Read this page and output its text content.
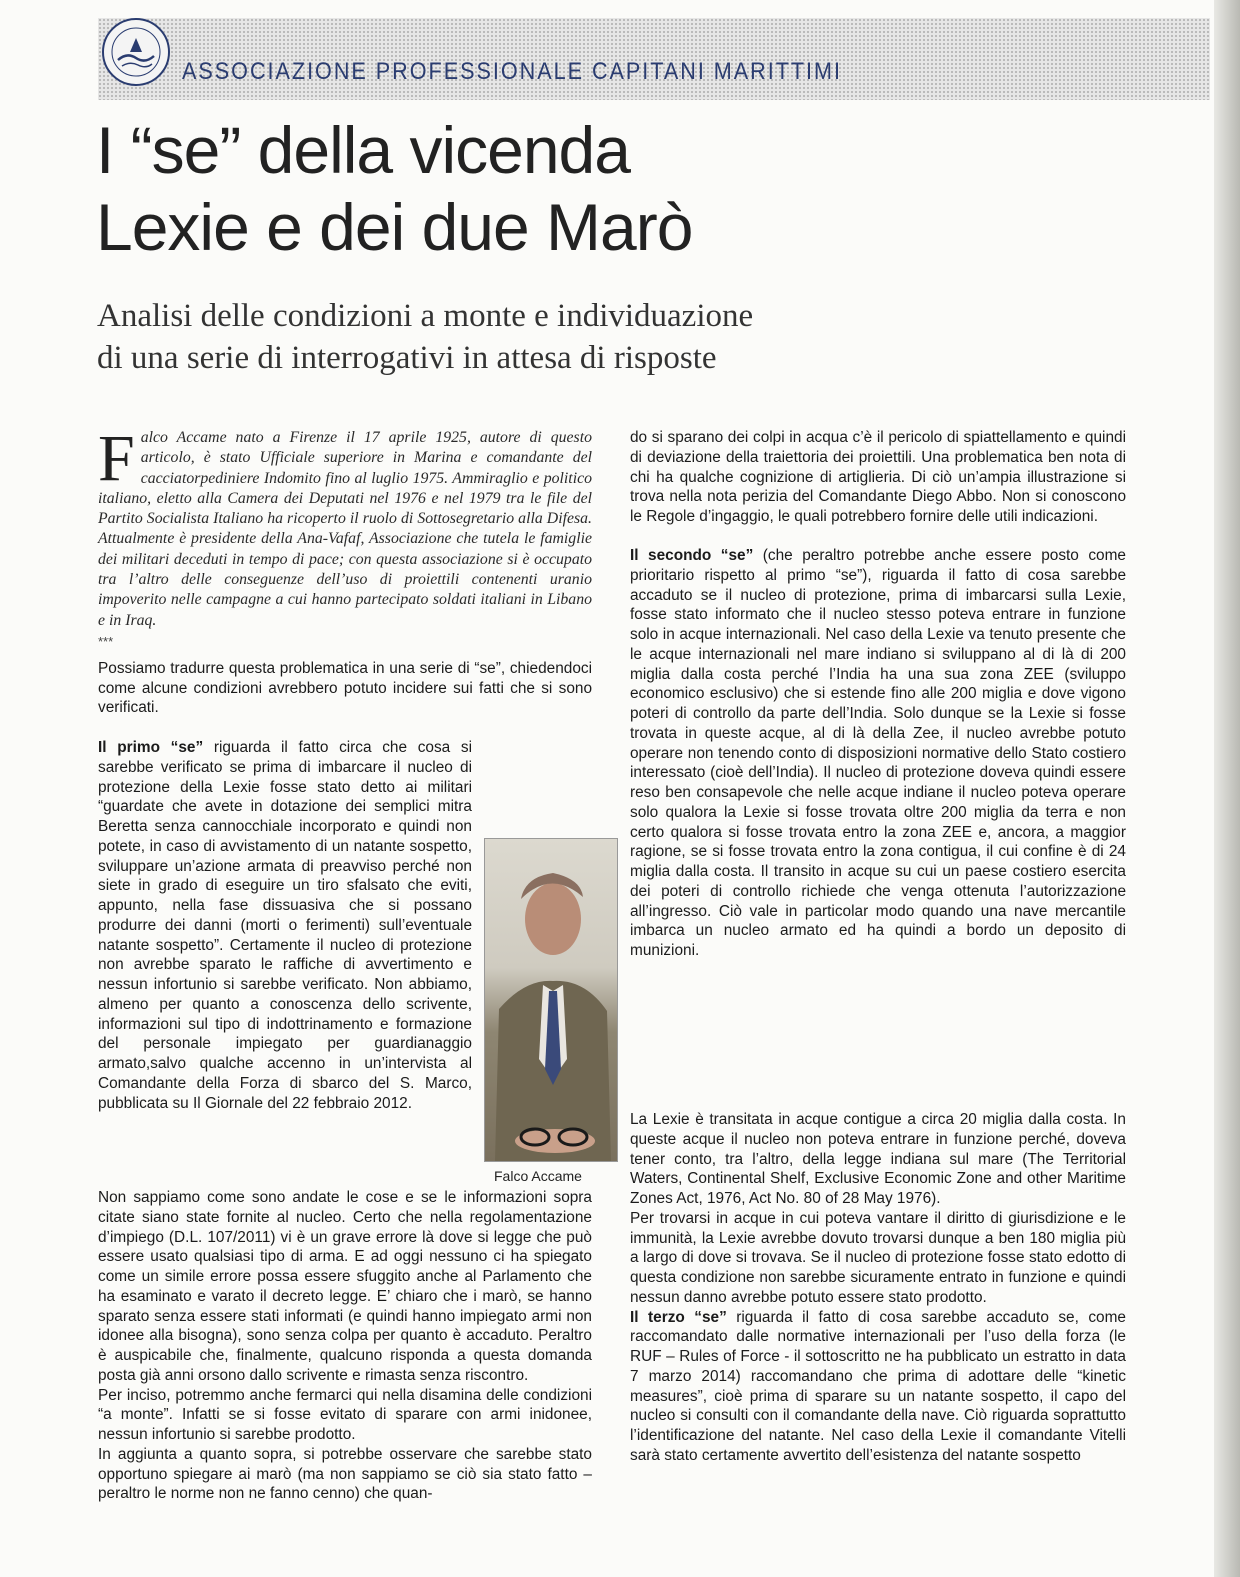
ASSOCIAZIONE PROFESSIONALE CAPITANI MARITTIMI
I “se” della vicenda
Lexie e dei due Marò
Analisi delle condizioni a monte e individuazione
di una serie di interrogativi in attesa di risposte

Falco Accame nato a Firenze il 17 aprile 1925, autore di questo articolo, è stato Ufficiale superiore in Marina e comandante del cacciatorpediniere Indomito fino al luglio 1975. Ammiraglio e politico italiano, eletto alla Camera dei Deputati nel 1976 e nel 1979 tra le file del Partito Socialista Italiano ha ricoperto il ruolo di Sottosegretario alla Difesa. Attualmente è presidente della Ana-Vafaf, Associazione che tutela le famiglie dei militari deceduti in tempo di pace; con questa associazione si è occupato tra l’altro delle conseguenze dell’uso di proiettili contenenti uranio impoverito nelle campagne a cui hanno partecipato soldati italiani in Libano e in Iraq.

***

Possiamo tradurre questa problematica in una serie di “se”, chiedendoci come alcune condizioni avrebbero potuto incidere sui fatti che si sono verificati.

Il primo “se” riguarda il fatto circa che cosa si sarebbe verificato se prima di imbarcare il nucleo di protezione della Lexie fosse stato detto ai militari “guardate che avete in dotazione dei semplici mitra Beretta senza cannocchiale incorporato e quindi non potete, in caso di avvistamento di un natante sospetto, sviluppare un’azione armata di preavviso perché non siete in grado di eseguire un tiro sfalsato che eviti, appunto, nella fase dissuasiva che si possano produrre dei danni (morti o ferimenti) sull’eventuale natante sospetto”. Certamente il nucleo di protezione non avrebbe sparato le raffiche di avvertimento e nessun infortunio si sarebbe verificato. Non abbiamo, almeno per quanto a conoscenza dello scrivente, informazioni sul tipo di indottrinamento e formazione del personale impiegato per guardianaggio armato,salvo qualche accenno in un’intervista al Comandante della Forza di sbarco del S. Marco, pubblicata su Il Giornale del 22 febbraio 2012.

Non sappiamo come sono andate le cose e se le informazioni sopra citate siano state fornite al nucleo. Certo che nella regolamentazione d’impiego (D.L. 107/2011) vi è un grave errore là dove si legge che può essere usato qualsiasi tipo di arma. E ad oggi nessuno ci ha spiegato come un simile errore possa essere sfuggito anche al Parlamento che ha esaminato e varato il decreto legge. E’ chiaro che i marò, se hanno sparato senza essere stati informati (e quindi hanno impiegato armi non idonee alla bisogna), sono senza colpa per quanto è accaduto. Peraltro è auspicabile che, finalmente, qualcuno risponda a questa domanda posta già anni orsono dallo scrivente e rimasta senza riscontro.

Per inciso, potremmo anche fermarci qui nella disamina delle condizioni “a monte”. Infatti se si fosse evitato di sparare con armi inidonee, nessun infortunio si sarebbe prodotto.

In aggiunta a quanto sopra, si potrebbe osservare che sarebbe stato opportuno spiegare ai marò (ma non sappiamo se ciò sia stato fatto – peraltro le norme non ne fanno cenno) che quan-

Falco Accame

do si sparano dei colpi in acqua c’è il pericolo di spiattellamento e quindi di deviazione della traiettoria dei proiettili. Una problematica ben nota di chi ha qualche cognizione di artiglieria. Di ciò un’ampia illustrazione si trova nella nota perizia del Comandante Diego Abbo. Non si conoscono le Regole d’ingaggio, le quali potrebbero fornire delle utili indicazioni.

Il secondo “se” (che peraltro potrebbe anche essere posto come prioritario rispetto al primo “se”), riguarda il fatto di cosa sarebbe accaduto se il nucleo di protezione, prima di imbarcarsi sulla Lexie, fosse stato informato che il nucleo stesso poteva entrare in funzione solo in acque internazionali. Nel caso della Lexie va tenuto presente che le acque internazionali nel mare indiano si sviluppano al di là di 200 miglia dalla costa perché l’India ha una sua zona ZEE (sviluppo economico esclusivo) che si estende fino alle 200 miglia e dove vigono poteri di controllo da parte dell’India. Solo dunque se la Lexie si fosse trovata in queste acque, al di là della Zee, il nucleo avrebbe potuto operare non tenendo conto di disposizioni normative dello Stato costiero interessato (cioè dell’India). Il nucleo di protezione doveva quindi essere reso ben consapevole che nelle acque indiane il nucleo poteva operare solo qualora la Lexie si fosse trovata oltre 200 miglia da terra e non certo qualora si fosse trovata entro la zona ZEE e, ancora, a maggior ragione, se si fosse trovata entro la zona contigua, il cui confine è di 24 miglia dalla costa. Il transito in acque su cui un paese costiero esercita dei poteri di controllo richiede che venga ottenuta l’autorizzazione all’ingresso. Ciò vale in particolar modo quando una nave mercantile imbarca un nucleo armato ed ha quindi a bordo un deposito di munizioni.

La Lexie è transitata in acque contigue a circa 20 miglia dalla costa. In queste acque il nucleo non poteva entrare in funzione perché, doveva tener conto, tra l’altro, della legge indiana sul mare (The Territorial Waters, Continental Shelf, Exclusive Economic Zone and other Maritime Zones Act, 1976, Act No. 80 of 28 May 1976).

Per trovarsi in acque in cui poteva vantare il diritto di giurisdizione e le immunità, la Lexie avrebbe dovuto trovarsi dunque a ben 180 miglia più a largo di dove si trovava. Se il nucleo di protezione fosse stato edotto di questa condizione non sarebbe sicuramente entrato in funzione e quindi nessun danno avrebbe potuto essere stato prodotto.

Il terzo “se” riguarda il fatto di cosa sarebbe accaduto se, come raccomandato dalle normative internazionali per l’uso della forza (le RUF – Rules of Force - il sottoscritto ne ha pubblicato un estratto in data 7 marzo 2014) raccomandano che prima di adottare delle “kinetic measures”, cioè prima di sparare su un natante sospetto, il capo del nucleo si consulti con il comandante della nave. Ciò riguarda soprattutto l’identificazione del natante. Nel caso della Lexie il comandante Vitelli sarà stato certamente avvertito dell’esistenza del natante sospetto
